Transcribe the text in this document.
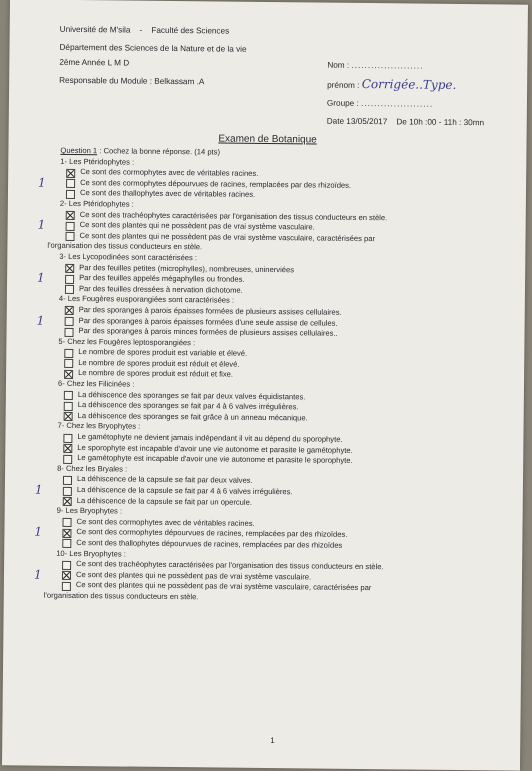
Université de M'sila - Faculté des Sciences
Département des Sciences de la Nature et de la vie
2ème Année L M D
Responsable du Module : Belkassam .A
Nom : ......................
prénom : Corrigée..Type.
Groupe : ......................
Date 13/05/2017 De 10h :00 - 11h : 30mn
Examen de Botanique
Question 1 : Cochez la bonne réponse. (14 pts)
1- Les Ptéridophytes :
Ce sont des cormophytes avec de véritables racines.
Ce sont des cormophytes dépourvues de racines, remplacées par des rhizoïdes.
1
Ce sont des thallophytes avec de véritables racines.
2- Les Ptéridophytes :
Ce sont des trachéophytes caractérisées par l'organisation des tissus conducteurs en stèle.
Ce sont des plantes qui ne possèdent pas de vrai système vasculaire.
1
Ce sont des plantes qui ne possèdent pas de vrai système vasculaire, caractérisées par
l'organisation des tissus conducteurs en stèle.
3- Les Lycopodinées sont caractérisées :
Par des feuilles petites (microphylles), nombreuses, uninerviées
Par des feuilles appelés mégaphylles ou frondes.
1
Par des feuilles dressées à nervation dichotome.
4- Les Fougères eusporangiées sont caractérisées :
Par des sporanges à parois épaisses formées de plusieurs assises cellulaires.
Par des sporanges à parois épaisses formées d'une seule assise de cellules.
1
Par des sporanges à parois minces formées de plusieurs assises cellulaires..
5- Chez les Fougères leptosporangiées :
Le nombre de spores produit est variable et élevé.
Le nombre de spores produit est réduit et élevé.
Le nombre de spores produit est réduit et fixe.
6- Chez les Filicinées :
La déhiscence des sporanges se fait par deux valves équidistantes.
La déhiscence des sporanges se fait par 4 à 6 valves irrégulières.
La déhiscence des sporanges se fait grâce à un anneau mécanique.
7- Chez les Bryophytes :
Le gamétophyte ne devient jamais indépendant il vit au dépend du sporophyte.
Le sporophyte est incapable d'avoir une vie autonome et parasite le gamétophyte.
Le gamétophyte est incapable d'avoir une vie autonome et parasite le sporophyte.
8- Chez les Bryales :
La déhiscence de la capsule se fait par deux valves.
La déhiscence de la capsule se fait par 4 à 6 valves irrégulières.
1
La déhiscence de la capsule se fait par un opercule.
9- Les Bryophytes :
Ce sont des cormophytes avec de véritables racines.
Ce sont des cormophytes dépourvues de racines, remplacées par des rhizoïdes.
1
Ce sont des thallophytes dépourvues de racines, remplacées par des rhizoïdes
10- Les Bryophytes :
Ce sont des trachéophytes caractérisées par l'organisation des tissus conducteurs en stèle.
Ce sont des plantes qui ne possèdent pas de vrai système vasculaire.
1
Ce sont des plantes qui ne possèdent pas de vrai système vasculaire, caractérisées par
l'organisation des tissus conducteurs en stèle.
1
